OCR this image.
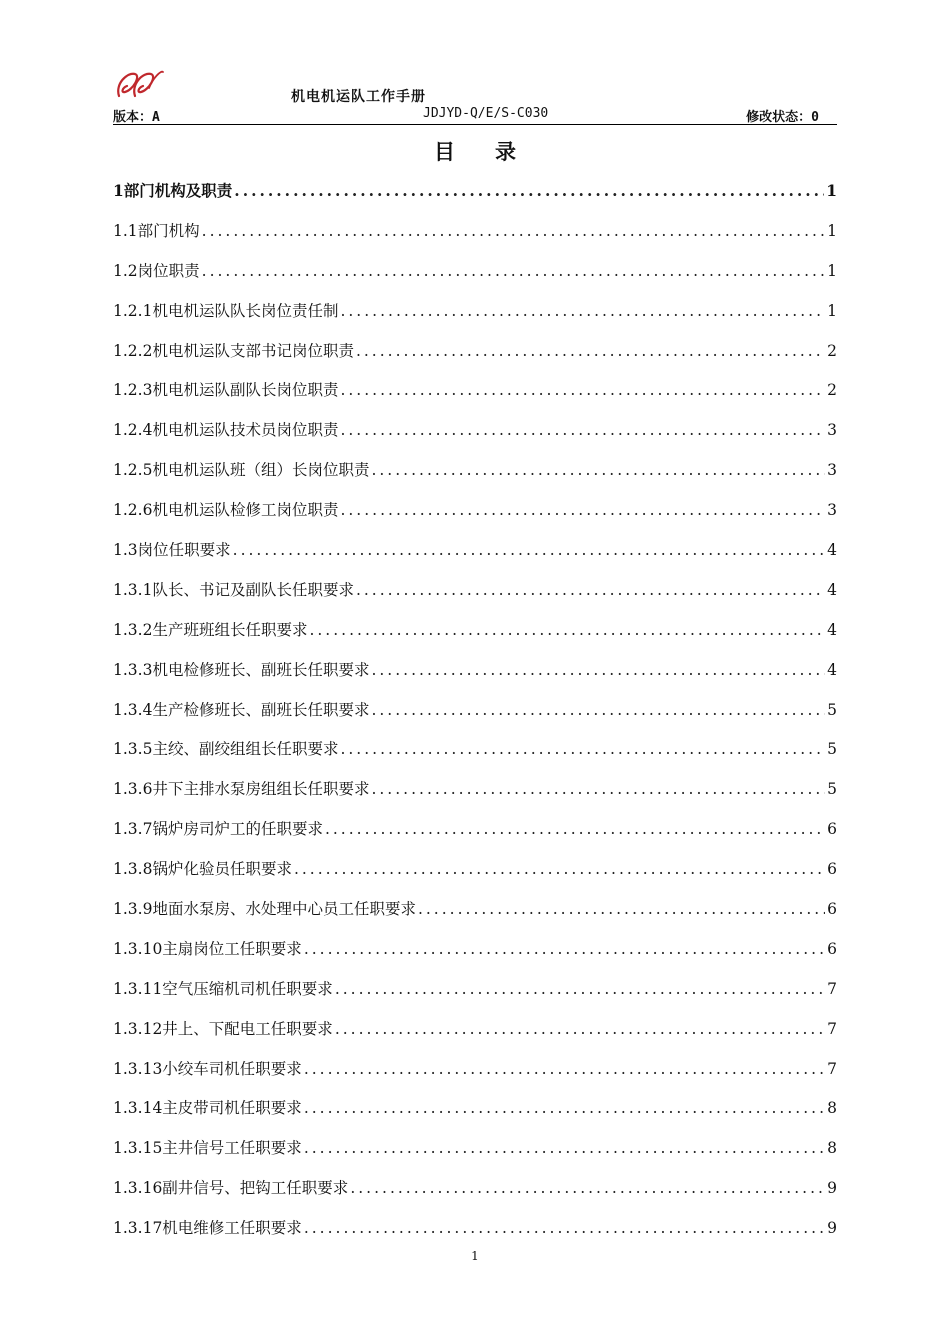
机电机运队工作手册
版本：A	JDJYD-Q/E/S-C030	修改状态：0
目录
1部门机构及职责 .....	1
1.1部门机构 .....	1
1.2岗位职责 .....	1
1.2.1机电机运队队长岗位责任制 .....	1
1.2.2机电机运队支部书记岗位职责 .....	2
1.2.3机电机运队副队长岗位职责 .....	2
1.2.4机电机运队技术员岗位职责 .....	3
1.2.5机电机运队班（组）长岗位职责 .....	3
1.2.6机电机运队检修工岗位职责 .....	3
1.3岗位任职要求 .....	4
1.3.1队长、书记及副队长任职要求 .....	4
1.3.2生产班班组长任职要求 .....	4
1.3.3机电检修班长、副班长任职要求 .....	4
1.3.4生产检修班长、副班长任职要求 .....	5
1.3.5主绞、副绞组组长任职要求 .....	5
1.3.6井下主排水泵房组组长任职要求 .....	5
1.3.7锅炉房司炉工的任职要求 .....	6
1.3.8锅炉化验员任职要求 .....	6
1.3.9地面水泵房、水处理中心员工任职要求 .....	6
1.3.10主扇岗位工任职要求 .....	6
1.3.11空气压缩机司机任职要求 .....	7
1.3.12井上、下配电工任职要求 .....	7
1.3.13小绞车司机任职要求 .....	7
1.3.14主皮带司机任职要求 .....	8
1.3.15主井信号工任职要求 .....	8
1.3.16副井信号、把钩工任职要求 .....	9
1.3.17机电维修工任职要求 .....	9
1
